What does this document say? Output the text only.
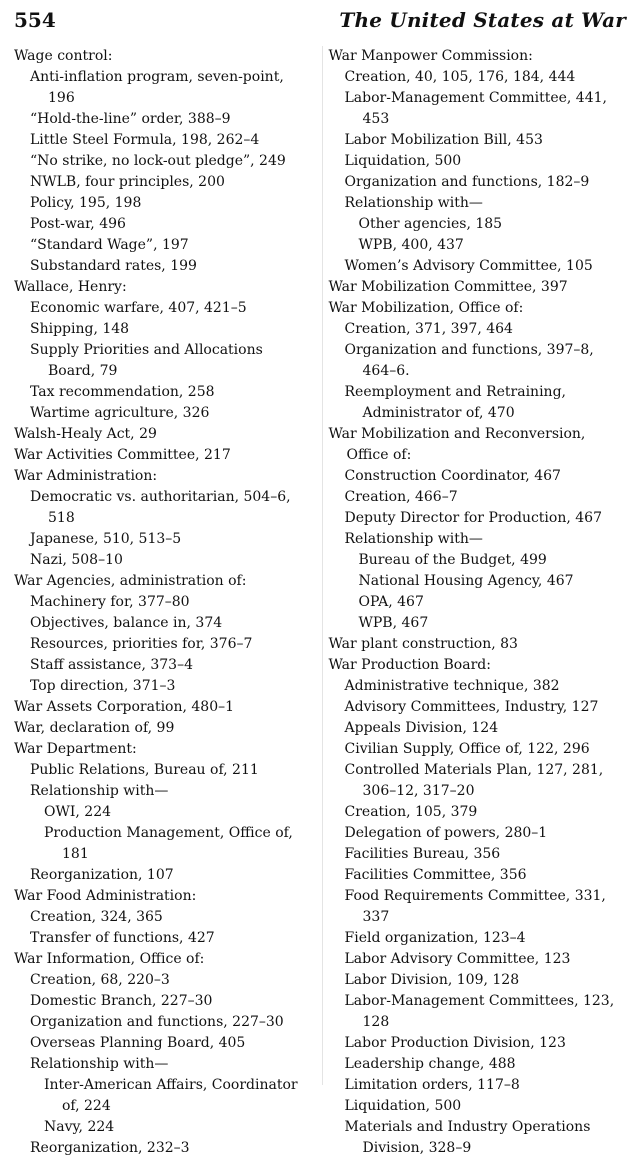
554	The United States at War
Wage control:
Anti-inflation program, seven-point, 196
“Hold-the-line” order, 388–9
Little Steel Formula, 198, 262–4
“No strike, no lock-out pledge”, 249
NWLB, four principles, 200
Policy, 195, 198
Post-war, 496
“Standard Wage”, 197
Substandard rates, 199
Wallace, Henry:
Economic warfare, 407, 421–5
Shipping, 148
Supply Priorities and Allocations Board, 79
Tax recommendation, 258
Wartime agriculture, 326
Walsh-Healy Act, 29
War Activities Committee, 217
War Administration:
Democratic vs. authoritarian, 504–6, 518
Japanese, 510, 513–5
Nazi, 508–10
War Agencies, administration of:
Machinery for, 377–80
Objectives, balance in, 374
Resources, priorities for, 376–7
Staff assistance, 373–4
Top direction, 371–3
War Assets Corporation, 480–1
War, declaration of, 99
War Department:
Public Relations, Bureau of, 211
Relationship with—
OWI, 224
Production Management, Office of, 181
Reorganization, 107
War Food Administration:
Creation, 324, 365
Transfer of functions, 427
War Information, Office of:
Creation, 68, 220–3
Domestic Branch, 227–30
Organization and functions, 227–30
Overseas Planning Board, 405
Relationship with—
Inter-American Affairs, Coordinator of, 224
Navy, 224
Reorganization, 232–3
War Manpower Commission:
Creation, 40, 105, 176, 184, 444
Labor-Management Committee, 441, 453
Labor Mobilization Bill, 453
Liquidation, 500
Organization and functions, 182–9
Relationship with—
Other agencies, 185
WPB, 400, 437
Women’s Advisory Committee, 105
War Mobilization Committee, 397
War Mobilization, Office of:
Creation, 371, 397, 464
Organization and functions, 397–8, 464–6.
Reemployment and Retraining, Administrator of, 470
War Mobilization and Reconversion, Office of:
Construction Coordinator, 467
Creation, 466–7
Deputy Director for Production, 467
Relationship with—
Bureau of the Budget, 499
National Housing Agency, 467
OPA, 467
WPB, 467
War plant construction, 83
War Production Board:
Administrative technique, 382
Advisory Committees, Industry, 127
Appeals Division, 124
Civilian Supply, Office of, 122, 296
Controlled Materials Plan, 127, 281, 306–12, 317–20
Creation, 105, 379
Delegation of powers, 280–1
Facilities Bureau, 356
Facilities Committee, 356
Food Requirements Committee, 331, 337
Field organization, 123–4
Labor Advisory Committee, 123
Labor Division, 109, 128
Labor-Management Committees, 123, 128
Labor Production Division, 123
Leadership change, 488
Limitation orders, 117–8
Liquidation, 500
Materials and Industry Operations Division, 328–9
